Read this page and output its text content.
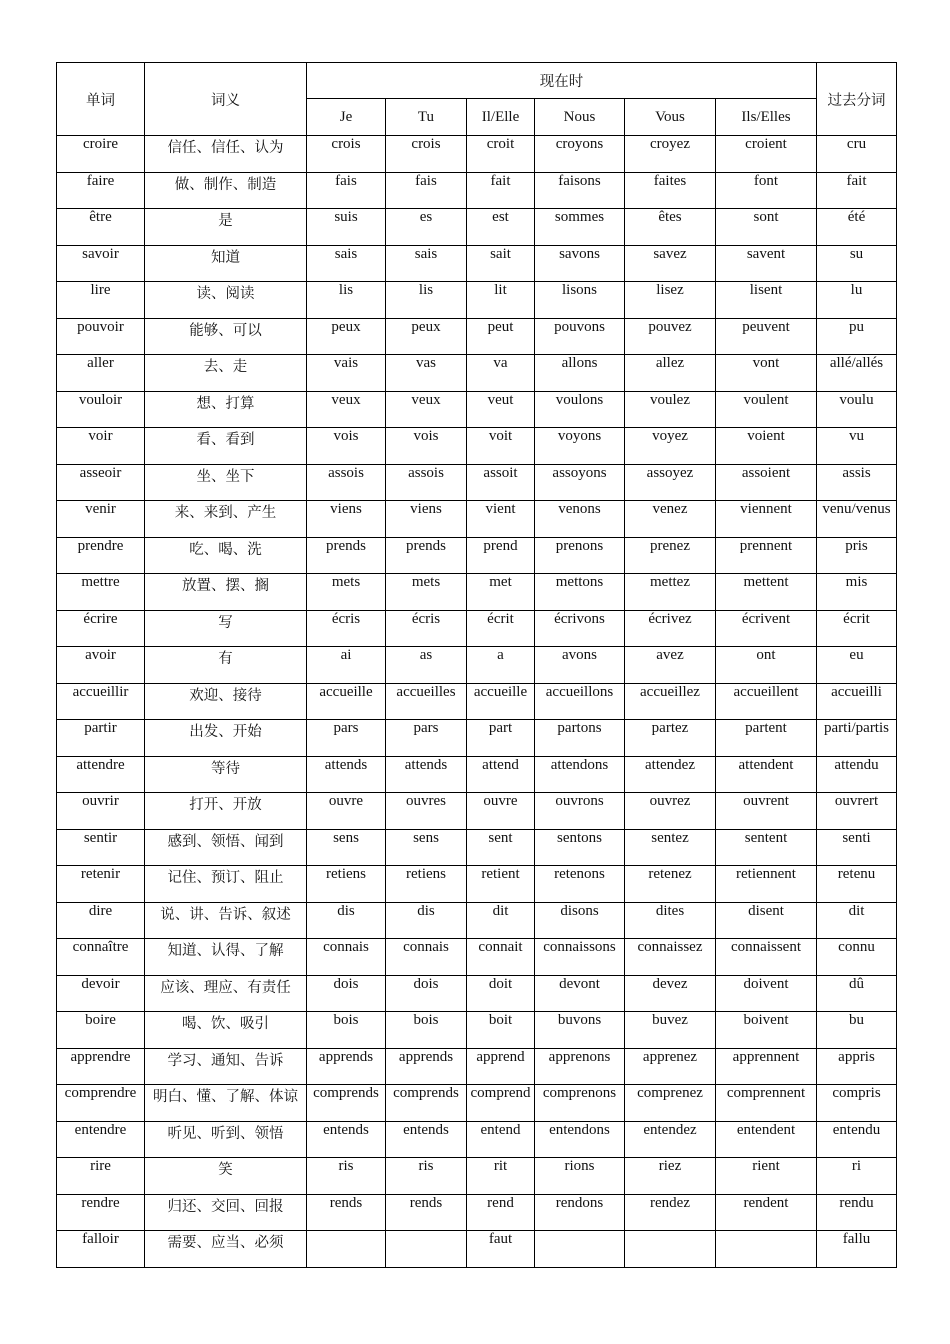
单词	词义	现在时						过去分词
		Je	Tu	Il/Elle	Nous	Vous	Ils/Elles	
croire	信任、信任、认为	crois	crois	croit	croyons	croyez	croient	cru
faire	做、制作、制造	fais	fais	fait	faisons	faites	font	fait
être	是	suis	es	est	sommes	êtes	sont	été
savoir	知道	sais	sais	sait	savons	savez	savent	su
lire	读、阅读	lis	lis	lit	lisons	lisez	lisent	lu
pouvoir	能够、可以	peux	peux	peut	pouvons	pouvez	peuvent	pu
aller	去、走	vais	vas	va	allons	allez	vont	allé/allés
vouloir	想、打算	veux	veux	veut	voulons	voulez	voulent	voulu
voir	看、看到	vois	vois	voit	voyons	voyez	voient	vu
asseoir	坐、坐下	assois	assois	assoit	assoyons	assoyez	assoient	assis
venir	来、来到、产生	viens	viens	vient	venons	venez	viennent	venu/venus
prendre	吃、喝、洗	prends	prends	prend	prenons	prenez	prennent	pris
mettre	放置、摆、搁	mets	mets	met	mettons	mettez	mettent	mis
écrire	写	écris	écris	écrit	écrivons	écrivez	écrivent	écrit
avoir	有	ai	as	a	avons	avez	ont	eu
accueillir	欢迎、接待	accueille	accueilles	accueille	accueillons	accueillez	accueillent	accueilli
partir	出发、开始	pars	pars	part	partons	partez	partent	parti/partis
attendre	等待	attends	attends	attend	attendons	attendez	attendent	attendu
ouvrir	打开、开放	ouvre	ouvres	ouvre	ouvrons	ouvrez	ouvrent	ouvrert
sentir	感到、领悟、闻到	sens	sens	sent	sentons	sentez	sentent	senti
retenir	记住、预订、阻止	retiens	retiens	retient	retenons	retenez	retiennent	retenu
dire	说、讲、告诉、叙述	dis	dis	dit	disons	dites	disent	dit
connaître	知道、认得、了解	connais	connais	connait	connaissons	connaissez	connaissent	connu
devoir	应该、理应、有责任	dois	dois	doit	devont	devez	doivent	dû
boire	喝、饮、吸引	bois	bois	boit	buvons	buvez	boivent	bu
apprendre	学习、通知、告诉	apprends	apprends	apprend	apprenons	apprenez	apprennent	appris
comprendre	明白、懂、了解、体谅	comprends	comprends	comprend	comprenons	comprenez	comprennent	compris
entendre	听见、听到、领悟	entends	entends	entend	entendons	entendez	entendent	entendu
rire	笑	ris	ris	rit	rions	riez	rient	ri
rendre	归还、交回、回报	rends	rends	rend	rendons	rendez	rendent	rendu
falloir	需要、应当、必须			faut				fallu
